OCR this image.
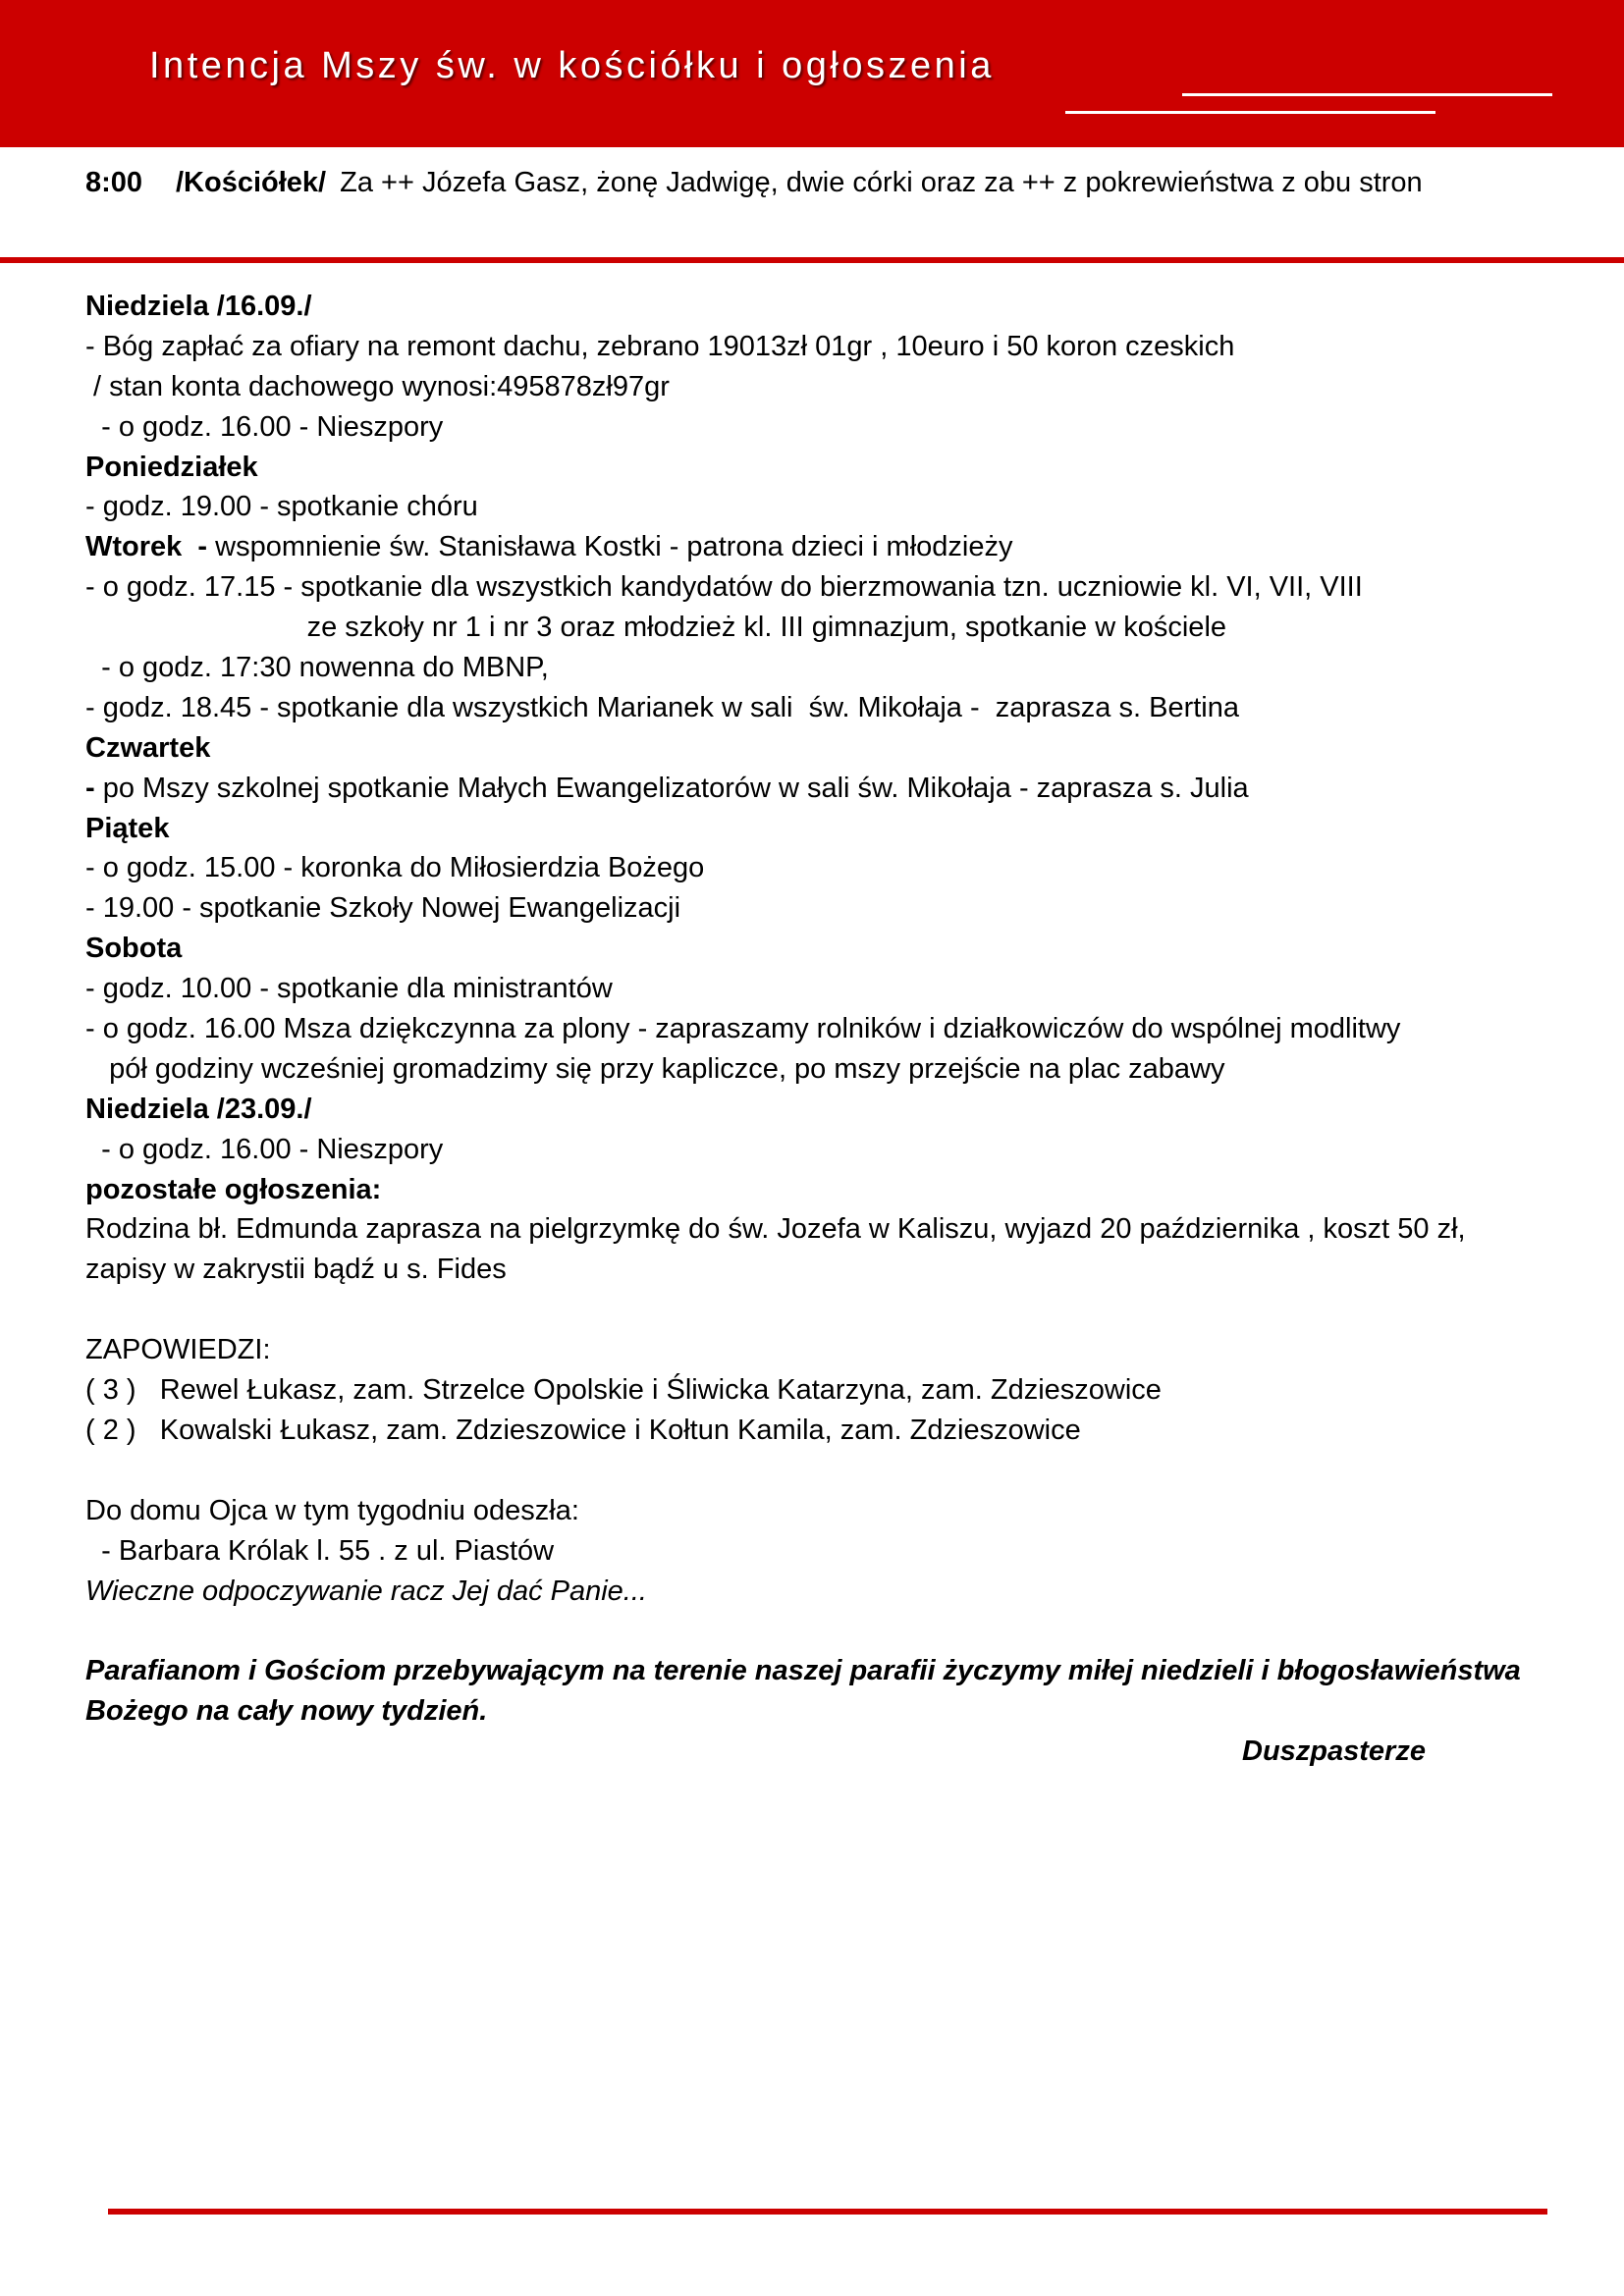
Intencja Mszy św. w kościółku i ogłoszenia
8:00 /Kościółek/ Za ++ Józefa Gasz, żonę Jadwigę, dwie córki oraz za ++ z pokrewieństwa z obu stron
Niedziela /16.09./
- Bóg zapłać za ofiary na remont dachu, zebrano 19013zł 01gr , 10euro i 50 koron czeskich
/ stan konta dachowego wynosi:495878zł97gr
- o godz. 16.00 - Nieszpory
Poniedziałek
- godz. 19.00 - spotkanie chóru
Wtorek  - wspomnienie św. Stanisława Kostki - patrona dzieci i młodzieży
- o godz. 17.15 - spotkanie dla wszystkich kandydatów do bierzmowania tzn. uczniowie kl. VI, VII, VIII
ze szkoły nr 1 i nr 3 oraz młodzież kl. III gimnazjum, spotkanie w kościele
- o godz. 17:30 nowenna do MBNP,
- godz. 18.45 - spotkanie dla wszystkich Marianek w sali  św. Mikołaja -  zaprasza s. Bertina
Czwartek
- po Mszy szkolnej spotkanie Małych Ewangelizatorów w sali św. Mikołaja - zaprasza s. Julia
Piątek
- o godz. 15.00 - koronka do Miłosierdzia Bożego
- 19.00 - spotkanie Szkoły Nowej Ewangelizacji
Sobota
- godz. 10.00 - spotkanie dla ministrantów
- o godz. 16.00 Msza dziękczynna za plony - zapraszamy rolników i działkowiczów do wspólnej modlitwy
pół godziny wcześniej gromadzimy się przy kapliczce, po mszy przejście na plac zabawy
Niedziela /23.09./
- o godz. 16.00 - Nieszpory
pozostałe ogłoszenia:
Rodzina bł. Edmunda zaprasza na pielgrzymkę do św. Jozefa w Kaliszu, wyjazd 20 października , koszt 50 zł,
zapisy w zakrystii bądź u s. Fides
ZAPOWIEDZI:
( 3 )   Rewel Łukasz, zam. Strzelce Opolskie i Śliwicka Katarzyna, zam. Zdzieszowice
( 2 )   Kowalski Łukasz, zam. Zdzieszowice i Kołtun Kamila, zam. Zdzieszowice
Do domu Ojca w tym tygodniu odeszła:
- Barbara Królak l. 55 . z ul. Piastów
Wieczne odpoczywanie racz Jej dać Panie...
Parafianom i Gościom przebywającym na terenie naszej parafii życzymy miłej niedzieli i błogosławieństwa
Bożego na cały nowy tydzień.
Duszpasterze
